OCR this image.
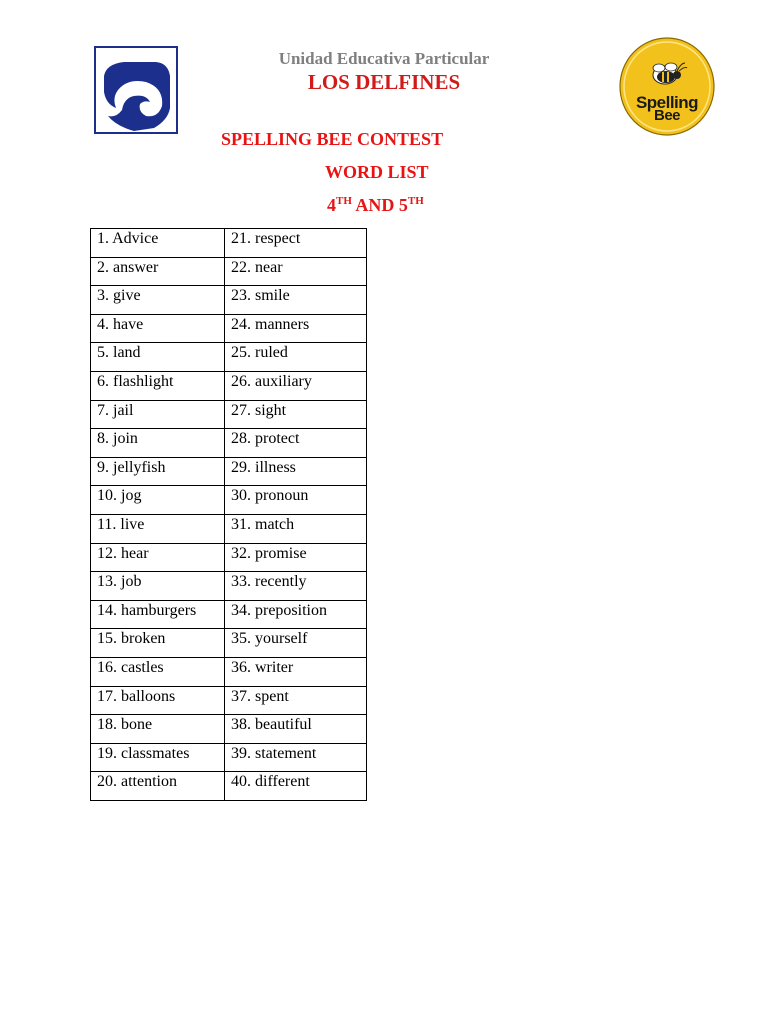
Spelling
Bee
Unidad Educativa Particular
LOS DELFINES
SPELLING BEE CONTEST
WORD LIST
4TH AND 5TH
1. Advice	21. respect
2. answer	22. near
3. give	23. smile
4. have	24. manners
5. land	25. ruled
6. flashlight	26. auxiliary
7. jail	27. sight
8. join	28. protect
9. jellyfish	29. illness
10. jog	30. pronoun
11. live	31. match
12. hear	32. promise
13. job	33. recently
14. hamburgers	34. preposition
15. broken	35. yourself
16. castles	36. writer
17. balloons	37. spent
18. bone	38. beautiful
19. classmates	39. statement
20. attention	40. different
